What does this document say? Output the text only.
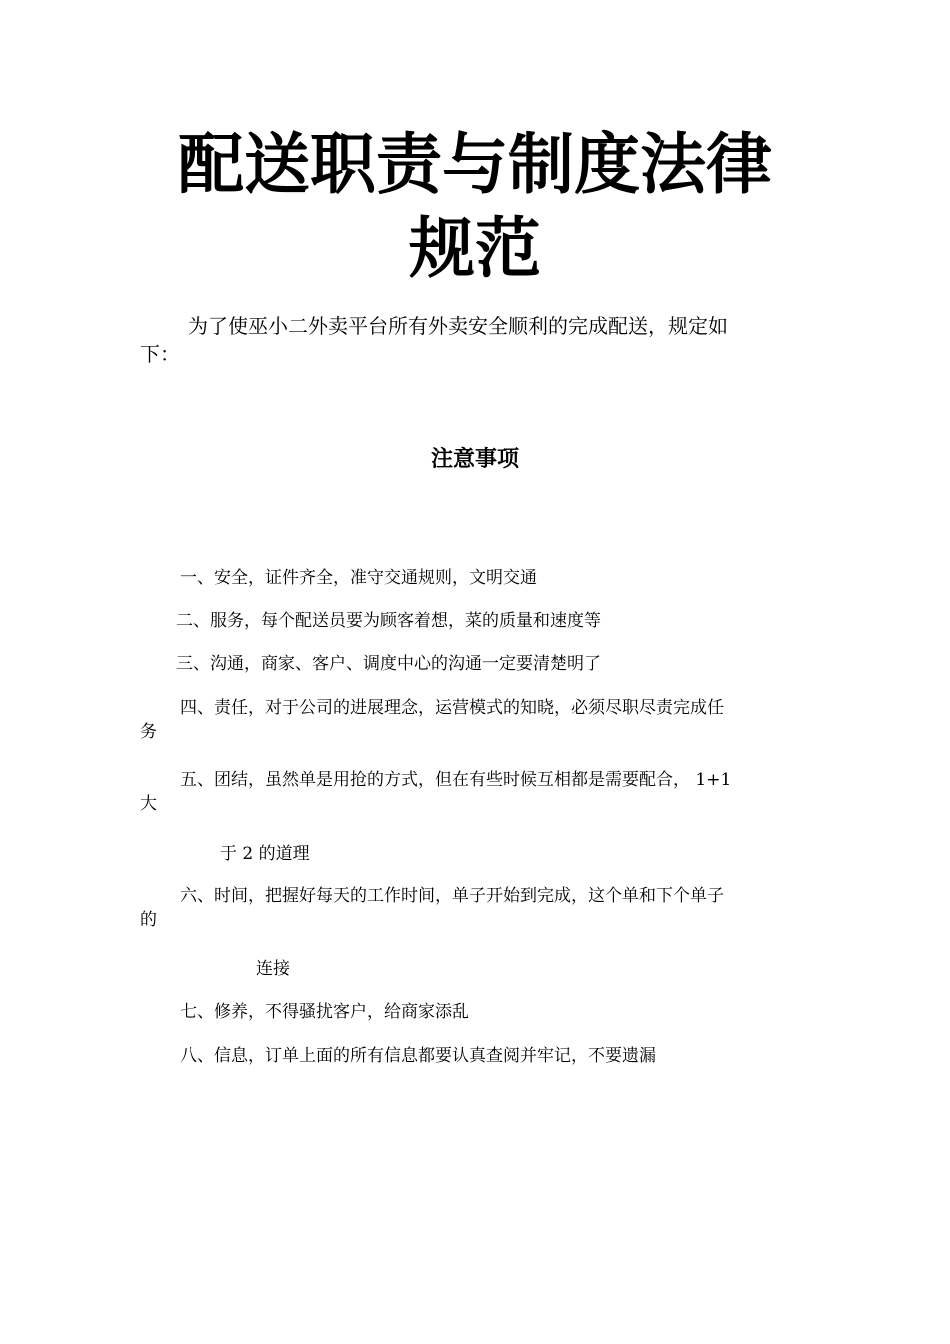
配送职责与制度法律
规范
为了使巫小二外卖平台所有外卖安全顺利的完成配送，规定如
下：
注意事项
一、安全，证件齐全，准守交通规则，文明交通
二、服务，每个配送员要为顾客着想，菜的质量和速度等
三、沟通，商家、客户、调度中心的沟通一定要清楚明了
四、责任，对于公司的进展理念，运营模式的知晓，必须尽职尽责完成任
务
五、团结，虽然单是用抢的方式，但在有些时候互相都是需要配合， 1+1
大
于 2 的道理
六、时间，把握好每天的工作时间，单子开始到完成，这个单和下个单子
的
连接
七、修养，不得骚扰客户，给商家添乱
八、信息，订单上面的所有信息都要认真查阅并牢记，不要遗漏
